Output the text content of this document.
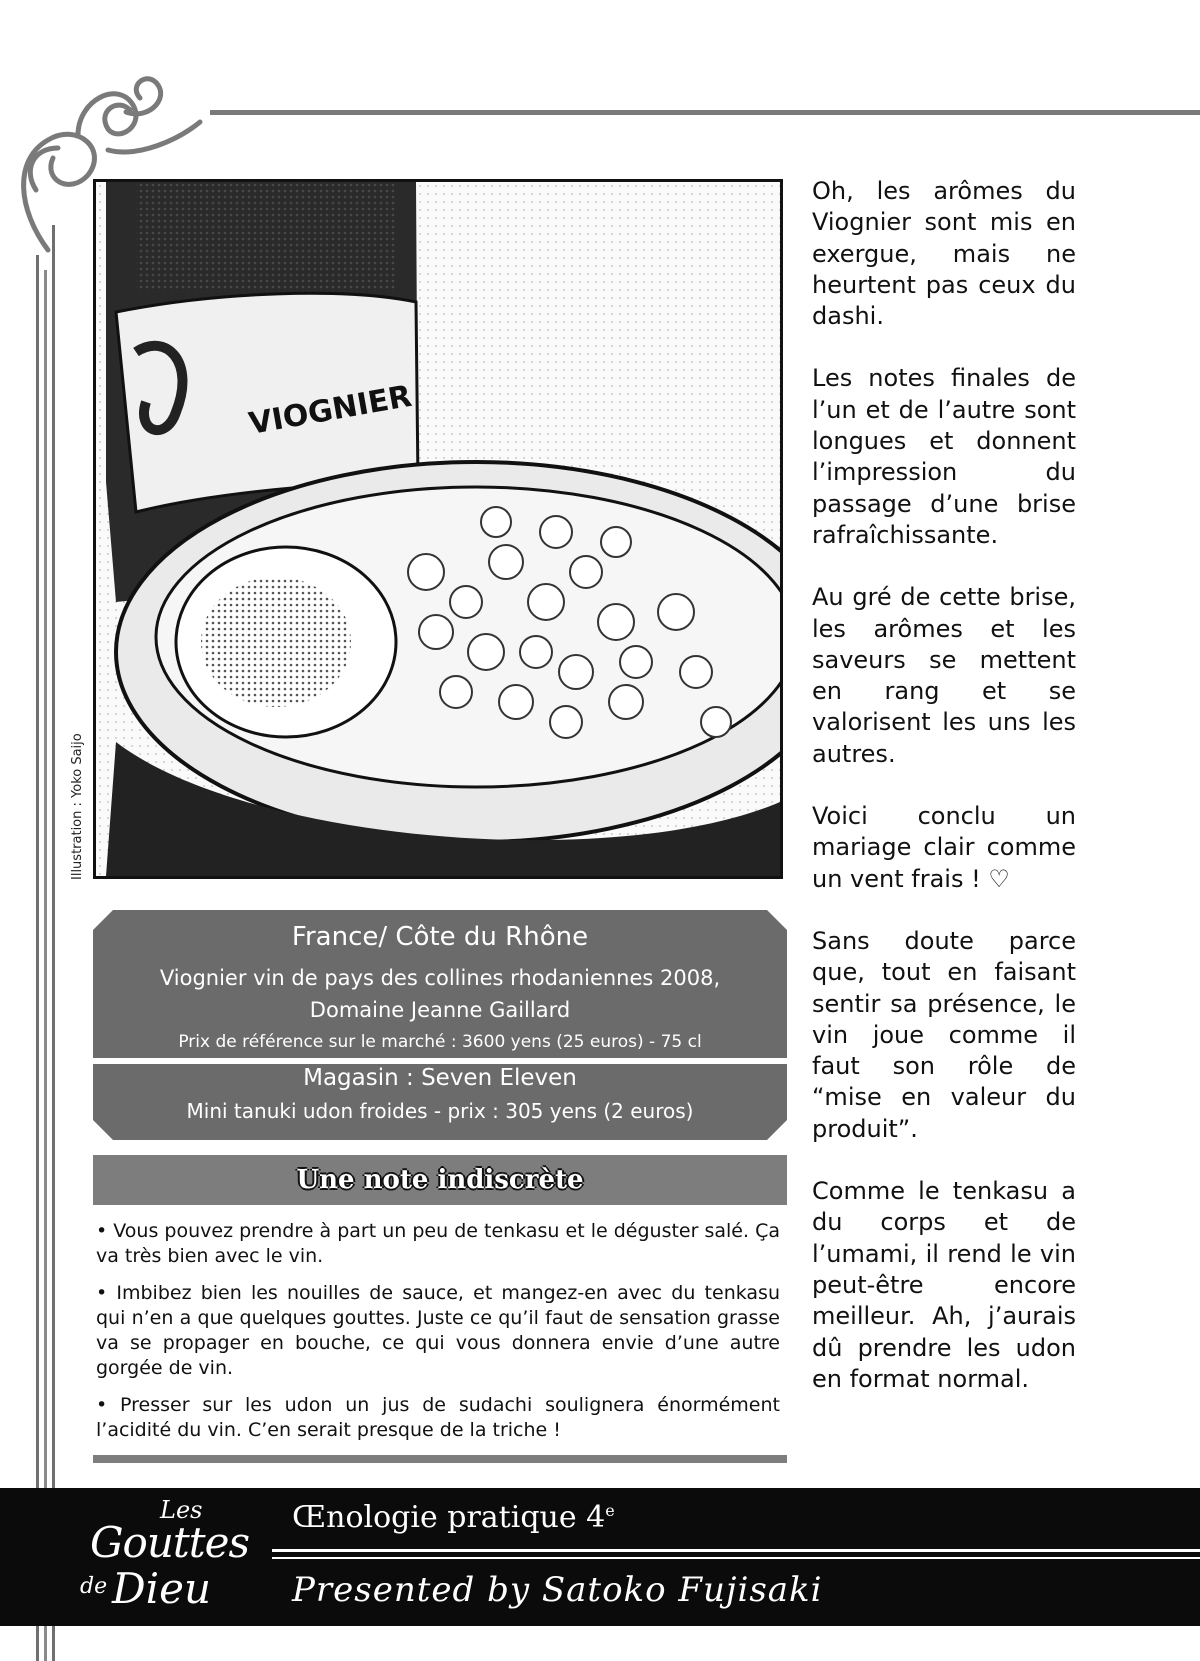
VIOGNIER
Illustration : Yoko Saijo
France/ Côte du Rhône
Viognier vin de pays des collines rhodaniennes 2008,
Domaine Jeanne Gaillard
Prix de référence sur le marché : 3600 yens (25 euros) - 75 cl
Magasin : Seven Eleven
Mini tanuki udon froides - prix : 305 yens (2 euros)
Une note indiscrète

• Vous pouvez prendre à part un peu de tenkasu et le déguster salé. Ça va très bien avec le vin.

• Imbibez bien les nouilles de sauce, et mangez-en avec du tenkasu qui n’en a que quelques gouttes. Juste ce qu’il faut de sensation grasse va se propager en bouche, ce qui vous donnera envie d’une autre gorgée de vin.

• Presser sur les udon un jus de sudachi soulignera énormément l’acidité du vin. C’en serait presque de la triche !

Oh, les arômes du Viognier sont mis en exergue, mais ne heurtent pas ceux du dashi.

Les notes finales de l’un et de l’autre sont longues et donnent l’impression du passage d’une brise rafraîchissante.

Au gré de cette brise, les arômes et les saveurs se mettent en rang et se valorisent les uns les autres.

Voici conclu un mariage clair comme un vent frais ! ♡

Sans doute parce que, tout en faisant sentir sa présence, le vin joue comme il faut son rôle de “mise en valeur du produit”.

Comme le tenkasu a du corps et de l’umami, il rend le vin peut-être encore meilleur. Ah, j’aurais dû prendre les udon en format normal.

Les
Gouttes
de Dieu
Œnologie pratique 4e
Presented by Satoko Fujisaki
